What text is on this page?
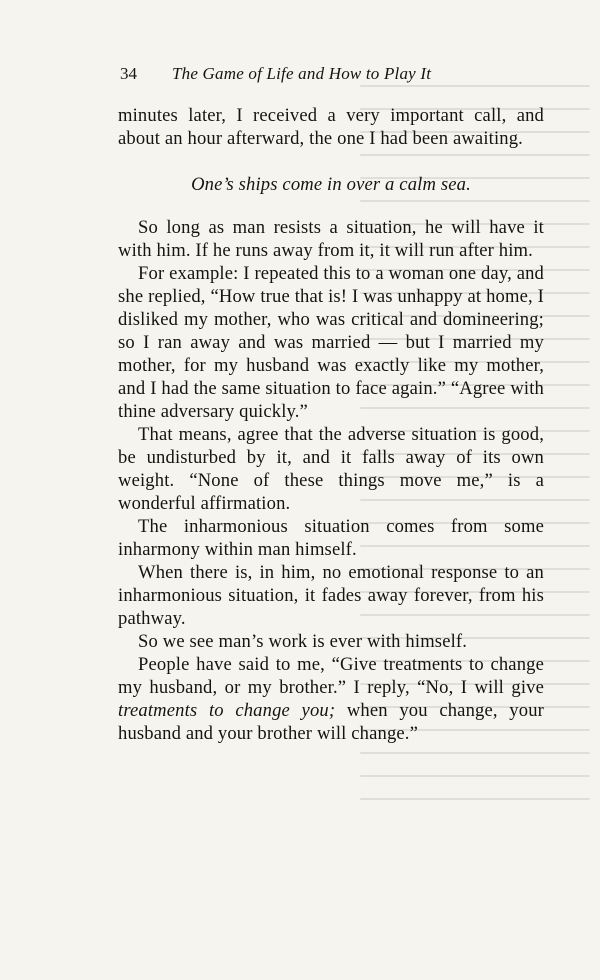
34 The Game of Life and How to Play It

minutes later, I received a very important call, and about an hour afterward, the one I had been awaiting.

One’s ships come in over a calm sea.

So long as man resists a situation, he will have it with him. If he runs away from it, it will run after him.

For example: I repeated this to a woman one day, and she replied, “How true that is! I was unhappy at home, I disliked my mother, who was critical and domineering; so I ran away and was married — but I married my mother, for my husband was exactly like my mother, and I had the same situation to face again.” “Agree with thine adversary quickly.”

That means, agree that the adverse situation is good, be undisturbed by it, and it falls away of its own weight. “None of these things move me,” is a wonderful affirmation.

The inharmonious situation comes from some inharmony within man himself.

When there is, in him, no emotional response to an inharmonious situation, it fades away forever, from his pathway.

So we see man’s work is ever with himself.

People have said to me, “Give treatments to change my husband, or my brother.” I reply, “No, I will give treatments to change you; when you change, your husband and your brother will change.”
